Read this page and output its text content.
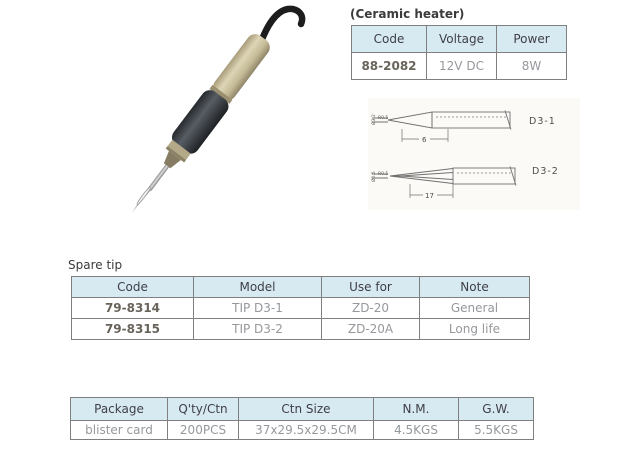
(Ceramic heater)
Code	Voltage	Power
88-2082	12V DC	8W
Ø3.2 R0.5
6
D3-1
Ø0.5 R0.5
17
D3-2
Spare tip
Code	Model	Use for	Note
79-8314	TIP D3-1	ZD-20	General
79-8315	TIP D3-2	ZD-20A	Long life
Package	Q'ty/Ctn	Ctn Size	N.M.	G.W.
blister card	200PCS	37x29.5x29.5CM	4.5KGS	5.5KGS
